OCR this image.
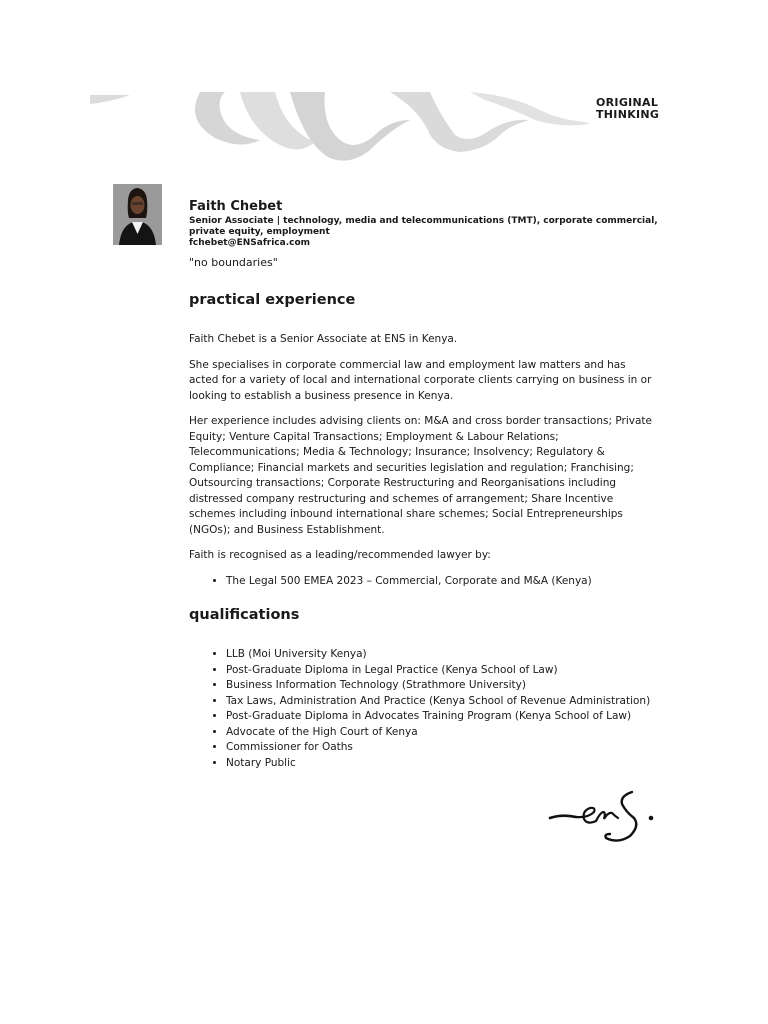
ORIGINAL
THINKING

Faith Chebet

Senior Associate | technology, media and telecommunications (TMT), corporate commercial, private equity, employment

fchebet@ENSafrica.com

"no boundaries"
practical experience

Faith Chebet is a Senior Associate at ENS in Kenya.

She specialises in corporate commercial law and employment law matters and has acted for a variety of local and international corporate clients carrying on business in or looking to establish a business presence in Kenya.

Her experience includes advising clients on: M&A and cross border transactions; Private Equity; Venture Capital Transactions; Employment & Labour Relations; Telecommunications; Media & Technology; Insurance; Insolvency; Regulatory & Compliance; Financial markets and securities legislation and regulation; Franchising; Outsourcing transactions; Corporate Restructuring and Reorganisations including distressed company restructuring and schemes of arrangement; Share Incentive schemes including inbound international share schemes; Social Entrepreneurships (NGOs); and Business Establishment.

Faith is recognised as a leading/recommended lawyer by:

• The Legal 500 EMEA 2023 – Commercial, Corporate and M&A (Kenya)
qualifications
• LLB (Moi University Kenya)
• Post-Graduate Diploma in Legal Practice (Kenya School of Law)
• Business Information Technology (Strathmore University)
• Tax Laws, Administration And Practice (Kenya School of Revenue Administration)
• Post-Graduate Diploma in Advocates Training Program (Kenya School of Law)
• Advocate of the High Court of Kenya
• Commissioner for Oaths
• Notary Public
